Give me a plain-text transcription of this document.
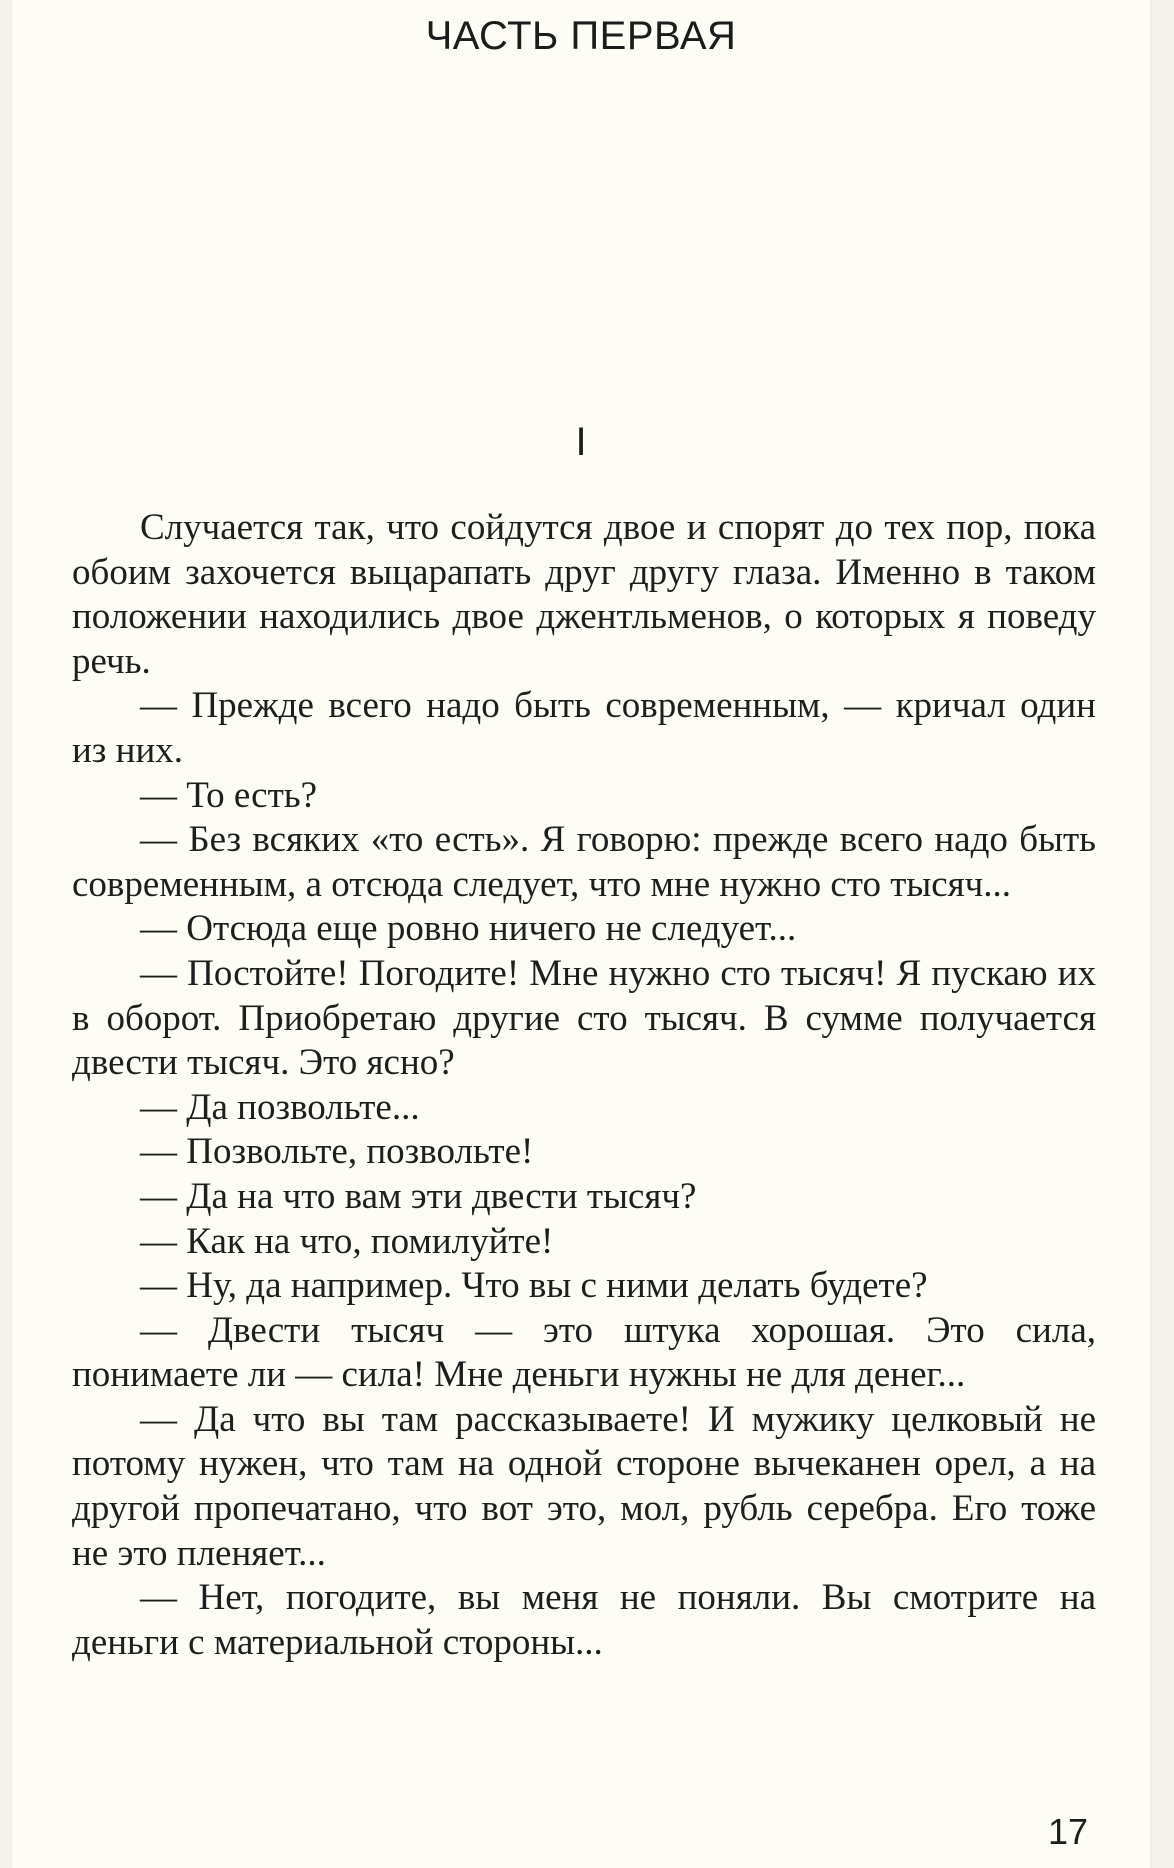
ЧАСТЬ ПЕРВАЯ
I

Случается так, что сойдутся двое и спорят до тех пор, пока обоим захочется выцарапать друг другу глаза. Именно в таком положении находились двое джентльменов, о которых я поведу речь.

— Прежде всего надо быть современным, — кричал один из них.

— То есть?

— Без всяких «то есть». Я говорю: прежде всего надо быть современным, а отсюда следует, что мне нужно сто тысяч...

— Отсюда еще ровно ничего не следует...

— Постойте! Погодите! Мне нужно сто тысяч! Я пускаю их в оборот. Приобретаю другие сто тысяч. В сумме получается двести тысяч. Это ясно?

— Да позвольте...

— Позвольте, позвольте!

— Да на что вам эти двести тысяч?

— Как на что, помилуйте!

— Ну, да например. Что вы с ними делать будете?

— Двести тысяч — это штука хорошая. Это сила, понимаете ли — сила! Мне деньги нужны не для денег...

— Да что вы там рассказываете! И мужику целковый не потому нужен, что там на одной стороне вычеканен орел, а на другой пропечатано, что вот это, мол, рубль серебра. Его тоже не это пленяет...

— Нет, погодите, вы меня не поняли. Вы смотрите на деньги с материальной стороны...

17
